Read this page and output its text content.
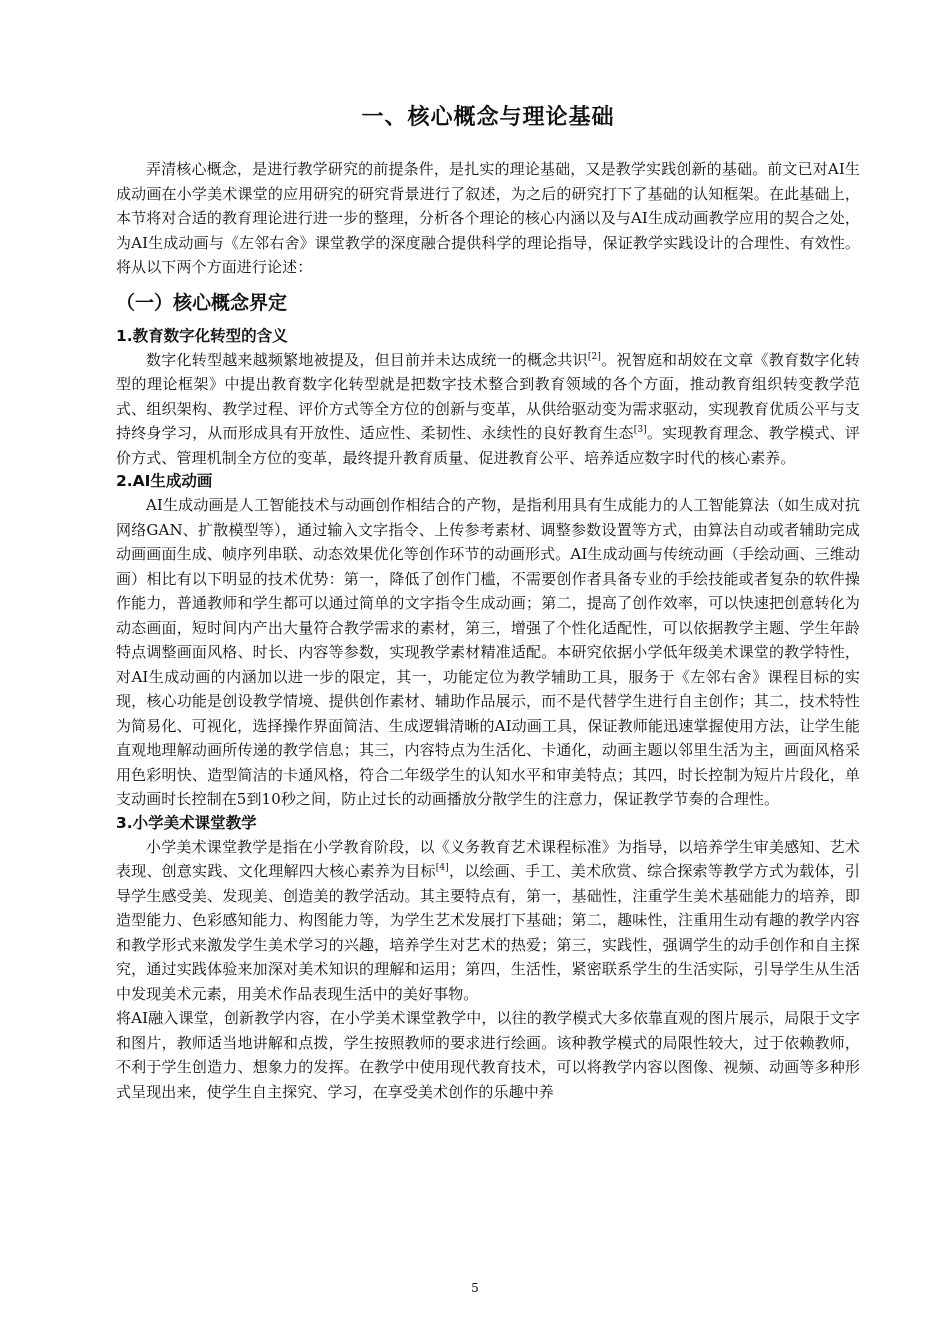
一、核心概念与理论基础

弄清核心概念，是进行教学研究的前提条件，是扎实的理论基础，又是教学实践创新的基础。前文已对AI生成动画在小学美术课堂的应用研究的研究背景进行了叙述，为之后的研究打下了基础的认知框架。在此基础上，本节将对合适的教育理论进行进一步的整理，分析各个理论的核心内涵以及与AI生成动画教学应用的契合之处，为AI生成动画与《左邻右舍》课堂教学的深度融合提供科学的理论指导，保证教学实践设计的合理性、有效性。将从以下两个方面进行论述：

（一）核心概念界定
1.教育数字化转型的含义

数字化转型越来越频繁地被提及，但目前并未达成统一的概念共识[2]。祝智庭和胡姣在文章《教育数字化转型的理论框架》中提出教育数字化转型就是把数字技术整合到教育领域的各个方面，推动教育组织转变教学范式、组织架构、教学过程、评价方式等全方位的创新与变革，从供给驱动变为需求驱动，实现教育优质公平与支持终身学习，从而形成具有开放性、适应性、柔韧性、永续性的良好教育生态[3]。实现教育理念、教学模式、评价方式、管理机制全方位的变革，最终提升教育质量、促进教育公平、培养适应数字时代的核心素养。

2.AI生成动画

AI生成动画是人工智能技术与动画创作相结合的产物，是指利用具有生成能力的人工智能算法（如生成对抗网络GAN、扩散模型等），通过输入文字指令、上传参考素材、调整参数设置等方式，由算法自动或者辅助完成动画画面生成、帧序列串联、动态效果优化等创作环节的动画形式。AI生成动画与传统动画（手绘动画、三维动画）相比有以下明显的技术优势：第一，降低了创作门槛，不需要创作者具备专业的手绘技能或者复杂的软件操作能力，普通教师和学生都可以通过简单的文字指令生成动画；第二，提高了创作效率，可以快速把创意转化为动态画面，短时间内产出大量符合教学需求的素材，第三，增强了个性化适配性，可以依据教学主题、学生年龄特点调整画面风格、时长、内容等参数，实现教学素材精准适配。本研究依据小学低年级美术课堂的教学特性，对AI生成动画的内涵加以进一步的限定，其一，功能定位为教学辅助工具，服务于《左邻右舍》课程目标的实现，核心功能是创设教学情境、提供创作素材、辅助作品展示，而不是代替学生进行自主创作；其二，技术特性为简易化、可视化，选择操作界面简洁、生成逻辑清晰的AI动画工具，保证教师能迅速掌握使用方法，让学生能直观地理解动画所传递的教学信息；其三，内容特点为生活化、卡通化，动画主题以邻里生活为主，画面风格采用色彩明快、造型简洁的卡通风格，符合二年级学生的认知水平和审美特点；其四，时长控制为短片片段化，单支动画时长控制在5到10秒之间，防止过长的动画播放分散学生的注意力，保证教学节奏的合理性。

3.小学美术课堂教学

小学美术课堂教学是指在小学教育阶段，以《义务教育艺术课程标准》为指导，以培养学生审美感知、艺术表现、创意实践、文化理解四大核心素养为目标[4]，以绘画、手工、美术欣赏、综合探索等教学方式为载体，引导学生感受美、发现美、创造美的教学活动。其主要特点有，第一，基础性，注重学生美术基础能力的培养，即造型能力、色彩感知能力、构图能力等，为学生艺术发展打下基础；第二，趣味性，注重用生动有趣的教学内容和教学形式来激发学生美术学习的兴趣，培养学生对艺术的热爱；第三，实践性，强调学生的动手创作和自主探究，通过实践体验来加深对美术知识的理解和运用；第四，生活性，紧密联系学生的生活实际，引导学生从生活中发现美术元素，用美术作品表现生活中的美好事物。

将AI融入课堂，创新教学内容，在小学美术课堂教学中，以往的教学模式大多依靠直观的图片展示，局限于文字和图片，教师适当地讲解和点拨，学生按照教师的要求进行绘画。该种教学模式的局限性较大，过于依赖教师，不利于学生创造力、想象力的发挥。在教学中使用现代教育技术，可以将教学内容以图像、视频、动画等多种形式呈现出来，使学生自主探究、学习，在享受美术创作的乐趣中养

5
